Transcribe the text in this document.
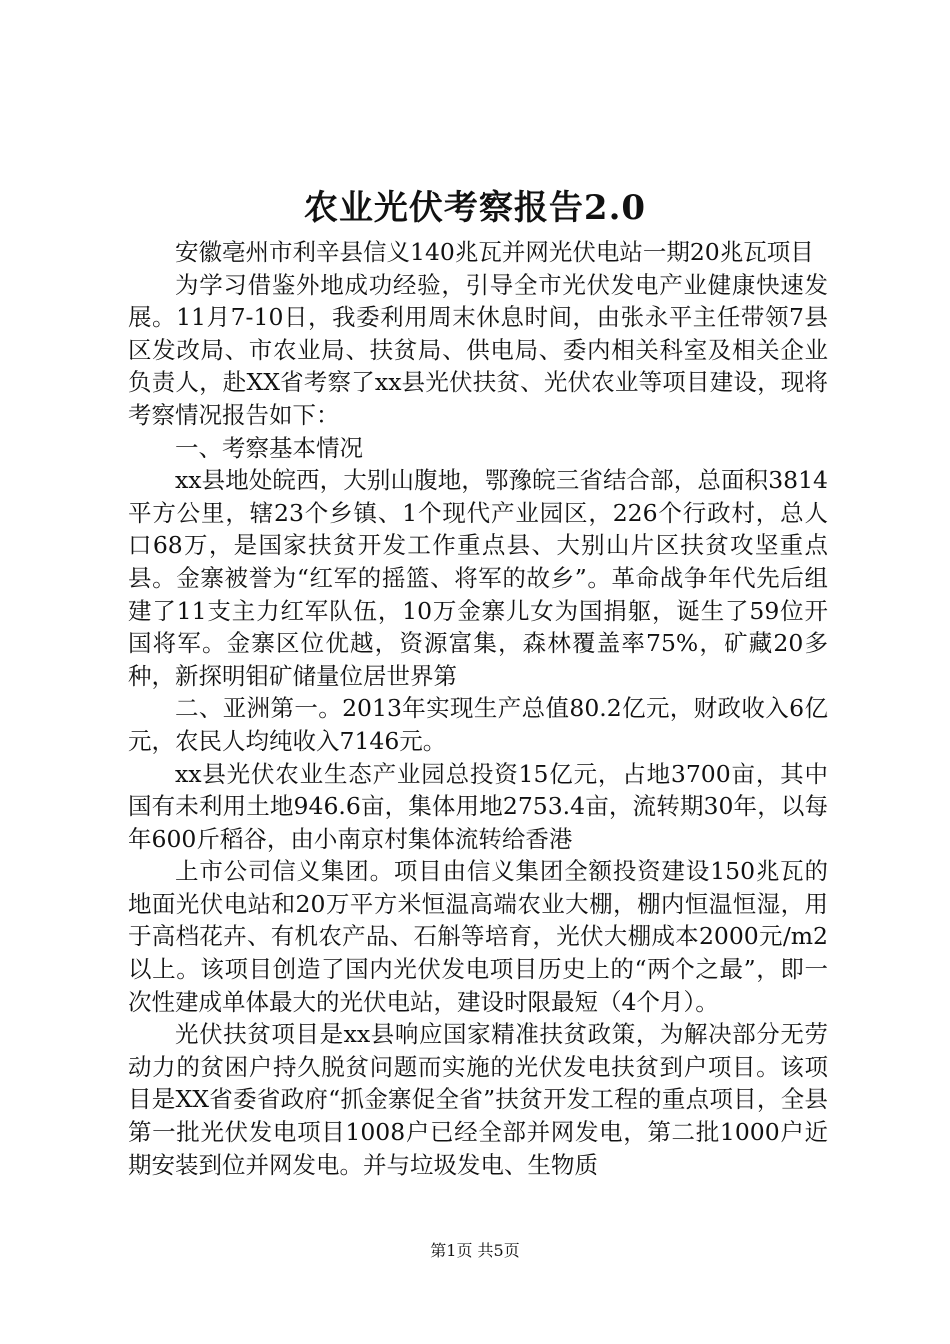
农业光伏考察报告2.0

安徽亳州市利辛县信义140兆瓦并网光伏电站一期20兆瓦项目

为学习借鉴外地成功经验，引导全市光伏发电产业健康快速发展。11月7-10日，我委利用周末休息时间，由张永平主任带领7县区发改局、市农业局、扶贫局、供电局、委内相关科室及相关企业负责人，赴XX省考察了xx县光伏扶贫、光伏农业等项目建设，现将考察情况报告如下：

一、考察基本情况

xx县地处皖西，大别山腹地，鄂豫皖三省结合部，总面积3814平方公里，辖23个乡镇、1个现代产业园区，226个行政村，总人口68万，是国家扶贫开发工作重点县、大别山片区扶贫攻坚重点县。金寨被誉为“红军的摇篮、将军的故乡”。革命战争年代先后组建了11支主力红军队伍，10万金寨儿女为国捐躯，诞生了59位开国将军。金寨区位优越，资源富集，森林覆盖率75%，矿藏20多种，新探明钼矿储量位居世界第

二、亚洲第一。2013年实现生产总值80.2亿元，财政收入6亿元，农民人均纯收入7146元。

xx县光伏农业生态产业园总投资15亿元，占地3700亩，其中国有未利用土地946.6亩，集体用地2753.4亩，流转期30年，以每年600斤稻谷，由小南京村集体流转给香港

上市公司信义集团。项目由信义集团全额投资建设150兆瓦的地面光伏电站和20万平方米恒温高端农业大棚，棚内恒温恒湿，用于高档花卉、有机农产品、石斛等培育，光伏大棚成本2000元/m2以上。该项目创造了国内光伏发电项目历史上的“两个之最”，即一次性建成单体最大的光伏电站，建设时限最短（4个月）。

光伏扶贫项目是xx县响应国家精准扶贫政策，为解决部分无劳动力的贫困户持久脱贫问题而实施的光伏发电扶贫到户项目。该项目是XX省委省政府“抓金寨促全省”扶贫开发工程的重点项目，全县第一批光伏发电项目1008户已经全部并网发电，第二批1000户近期安装到位并网发电。并与垃圾发电、生物质

第1页 共5页
